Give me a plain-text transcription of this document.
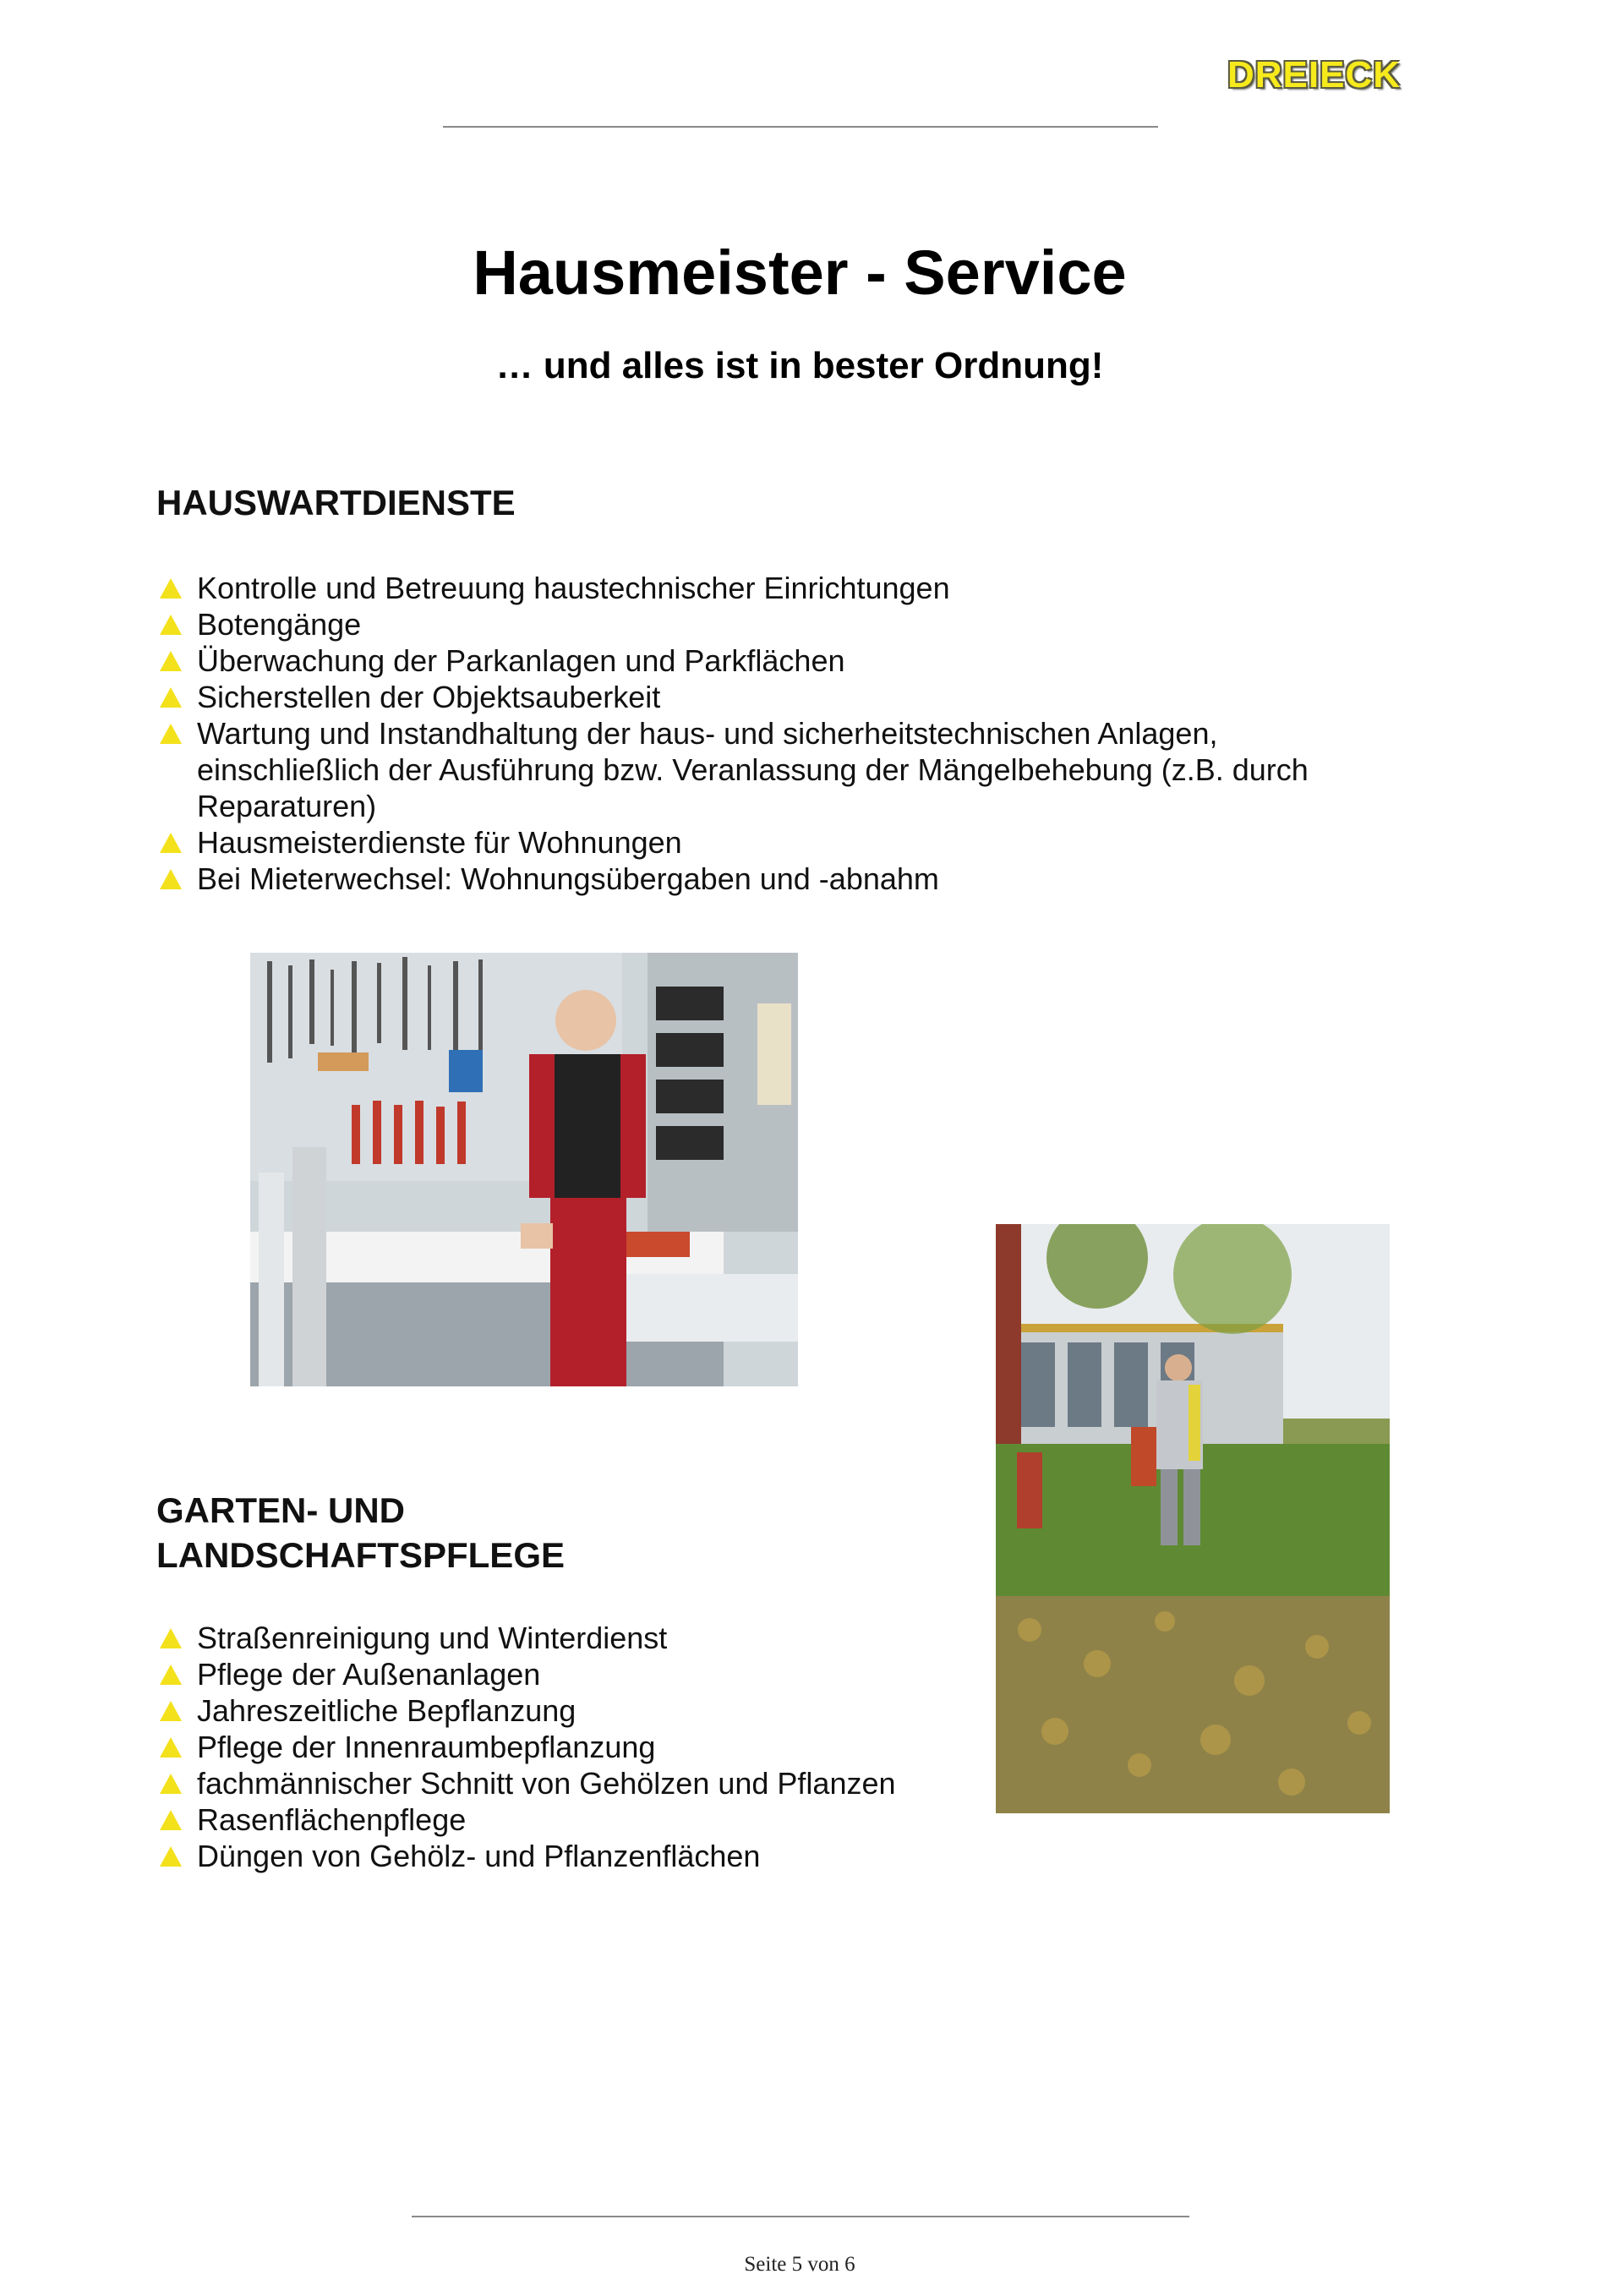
DREIECK
Hausmeister - Service
… und alles ist in bester Ordnung!
HAUSWARTDIENSTE
Kontrolle und Betreuung haustechnischer Einrichtungen
Botengänge
Überwachung der Parkanlagen und Parkflächen
Sicherstellen der Objektsauberkeit
Wartung und Instandhaltung der haus- und sicherheitstechnischen Anlagen, einschließlich der Ausführung bzw. Veranlassung der Mängelbehebung (z.B. durch Reparaturen)
Hausmeisterdienste für Wohnungen
Bei Mieterwechsel: Wohnungsübergaben und -abnahm
GARTEN- UND LANDSCHAFTSPFLEGE
Straßenreinigung und Winterdienst
Pflege der Außenanlagen
Jahreszeitliche Bepflanzung
Pflege der Innenraumbepflanzung
fachmännischer Schnitt von Gehölzen und Pflanzen
Rasenflächenpflege
Düngen von Gehölz- und Pflanzenflächen
Seite 5 von 6
